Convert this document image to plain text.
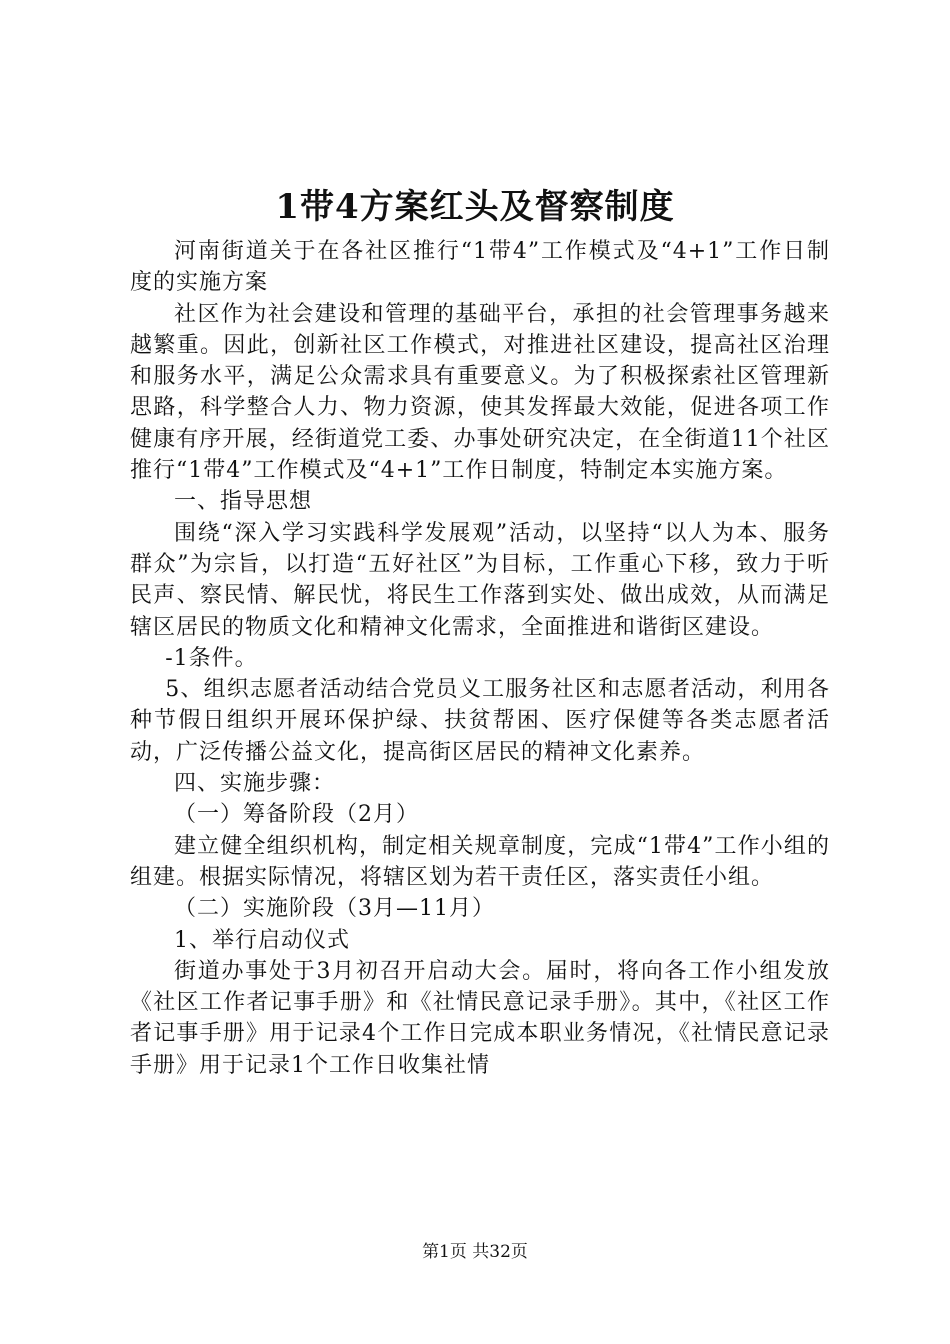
1带4方案红头及督察制度

河南街道关于在各社区推行“1带4”工作模式及“4+1”工作日制度的实施方案

社区作为社会建设和管理的基础平台，承担的社会管理事务越来越繁重。因此，创新社区工作模式，对推进社区建设，提高社区治理和服务水平，满足公众需求具有重要意义。为了积极探索社区管理新思路，科学整合人力、物力资源，使其发挥最大效能，促进各项工作健康有序开展，经街道党工委、办事处研究决定，在全街道11个社区推行“1带4”工作模式及“4+1”工作日制度，特制定本实施方案。

一、指导思想

围绕“深入学习实践科学发展观”活动，以坚持“以人为本、服务群众”为宗旨，以打造“五好社区”为目标，工作重心下移，致力于听民声、察民情、解民忧，将民生工作落到实处、做出成效，从而满足辖区居民的物质文化和精神文化需求，全面推进和谐街区建设。

-1条件。

5、组织志愿者活动结合党员义工服务社区和志愿者活动，利用各种节假日组织开展环保护绿、扶贫帮困、医疗保健等各类志愿者活动，广泛传播公益文化，提高街区居民的精神文化素养。

四、实施步骤：

（一）筹备阶段（2月）

建立健全组织机构，制定相关规章制度，完成“1带4”工作小组的组建。根据实际情况，将辖区划为若干责任区，落实责任小组。

（二）实施阶段（3月—11月）

1、举行启动仪式

街道办事处于3月初召开启动大会。届时，将向各工作小组发放《社区工作者记事手册》和《社情民意记录手册》。其中，《社区工作者记事手册》用于记录4个工作日完成本职业务情况，《社情民意记录手册》用于记录1个工作日收集社情

第1页 共32页
